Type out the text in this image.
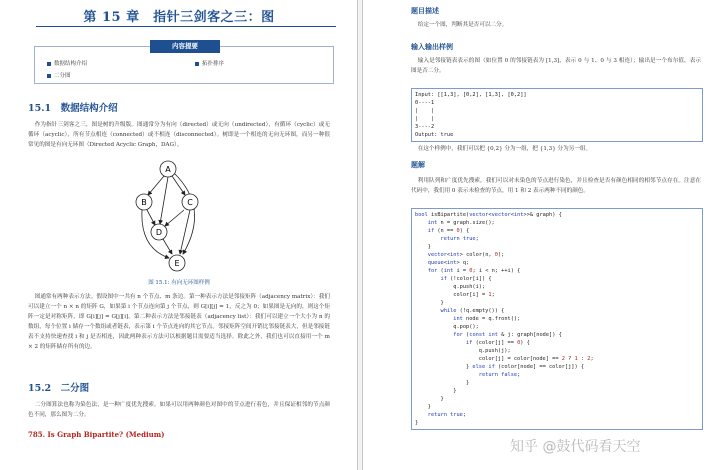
第 15 章　指针三剑客之三：图
内容提要
数据结构介绍	拓扑排序
二分图
15.1　数据结构介绍

作为指针三剑客之三，图是树的升级版。图通常分为有向（directed）或无向（undirected），有循环（cyclic）或无循环（acyclic），所有节点相连（connected）或不相连（disconnected）。树即是一个相连的无向无环图，而另一种很常见的图是有向无环图（Directed Acyclic Graph，DAG）。

A
B	C
D
E
图 15.1: 有向无环图样例

图通常有两种表示方法。假设图中一共有 n 个节点、m 条边。第一种表示方法是邻接矩阵（adjacency matrix）：我们可以建立一个 n × n 的矩阵 G，如果第 i 个节点连向第 j 个节点，则 G[i][j] = 1，反之为 0；如果图是无向的，则这个矩阵一定是对称矩阵，即 G[i][j] = G[j][i]。第二种表示方法是邻接链表（adjacency list）：我们可以建立一个大小为 n 的数组，每个位置 i 储存一个数组或者链表，表示第 i 个节点连向的其它节点。邻接矩阵空间开销比邻接链表大，但是邻接链表不支持快速查找 i 和 j 是否相连，因此两种表示方法可以根据题目需要适当选择。除此之外，我们也可以直接用一个 m × 2 的矩阵储存所有的边。

15.2　二分图

二分图算法也称为染色法，是一种广度优先搜索。如果可以用两种颜色对图中的节点进行着色，并且保证相邻的节点颜色不同，那么图为二分。

785. Is Graph Bipartite? (Medium)
题目描述

给定一个图，判断其是否可以二分。

输入输出样例

输入是邻接链表表示的图（如位置 0 的邻接链表为 [1,3]，表示 0 与 1、0 与 3 相连）；输出是一个布尔值，表示图是否二分。

Input: [[1,3], [0,2], [1,3], [0,2]]
0----1
|    |
|    |
3----2
Output: true

在这个样例中，我们可以把 {0,2} 分为一组，把 {1,3} 分为另一组。

题解

利用队列和广度优先搜索，我们可以对未染色的节点进行染色，并且检查是否有颜色相同的相邻节点存在。注意在代码中，我们用 0 表示未检查的节点，用 1 和 2 表示两种不同的颜色。

bool isBipartite(vector<vector<int>>& graph) {
int n = graph.size();
if (n == 0) {
return true;
}
vector<int> color(n, 0);
queue<int> q;
for (int i = 0; i < n; ++i) {
if (!color[i]) {
q.push(i);
color[i] = 1;
}
while (!q.empty()) {
int node = q.front();
q.pop();
for (const int & j: graph[node]) {
if (color[j] == 0) {
q.push(j);
color[j] = color[node] == 2 ? 1 : 2;
} else if (color[node] == color[j]) {
return false;
}
}
}
}
return true;
}
知乎 @鼓代码看天空
